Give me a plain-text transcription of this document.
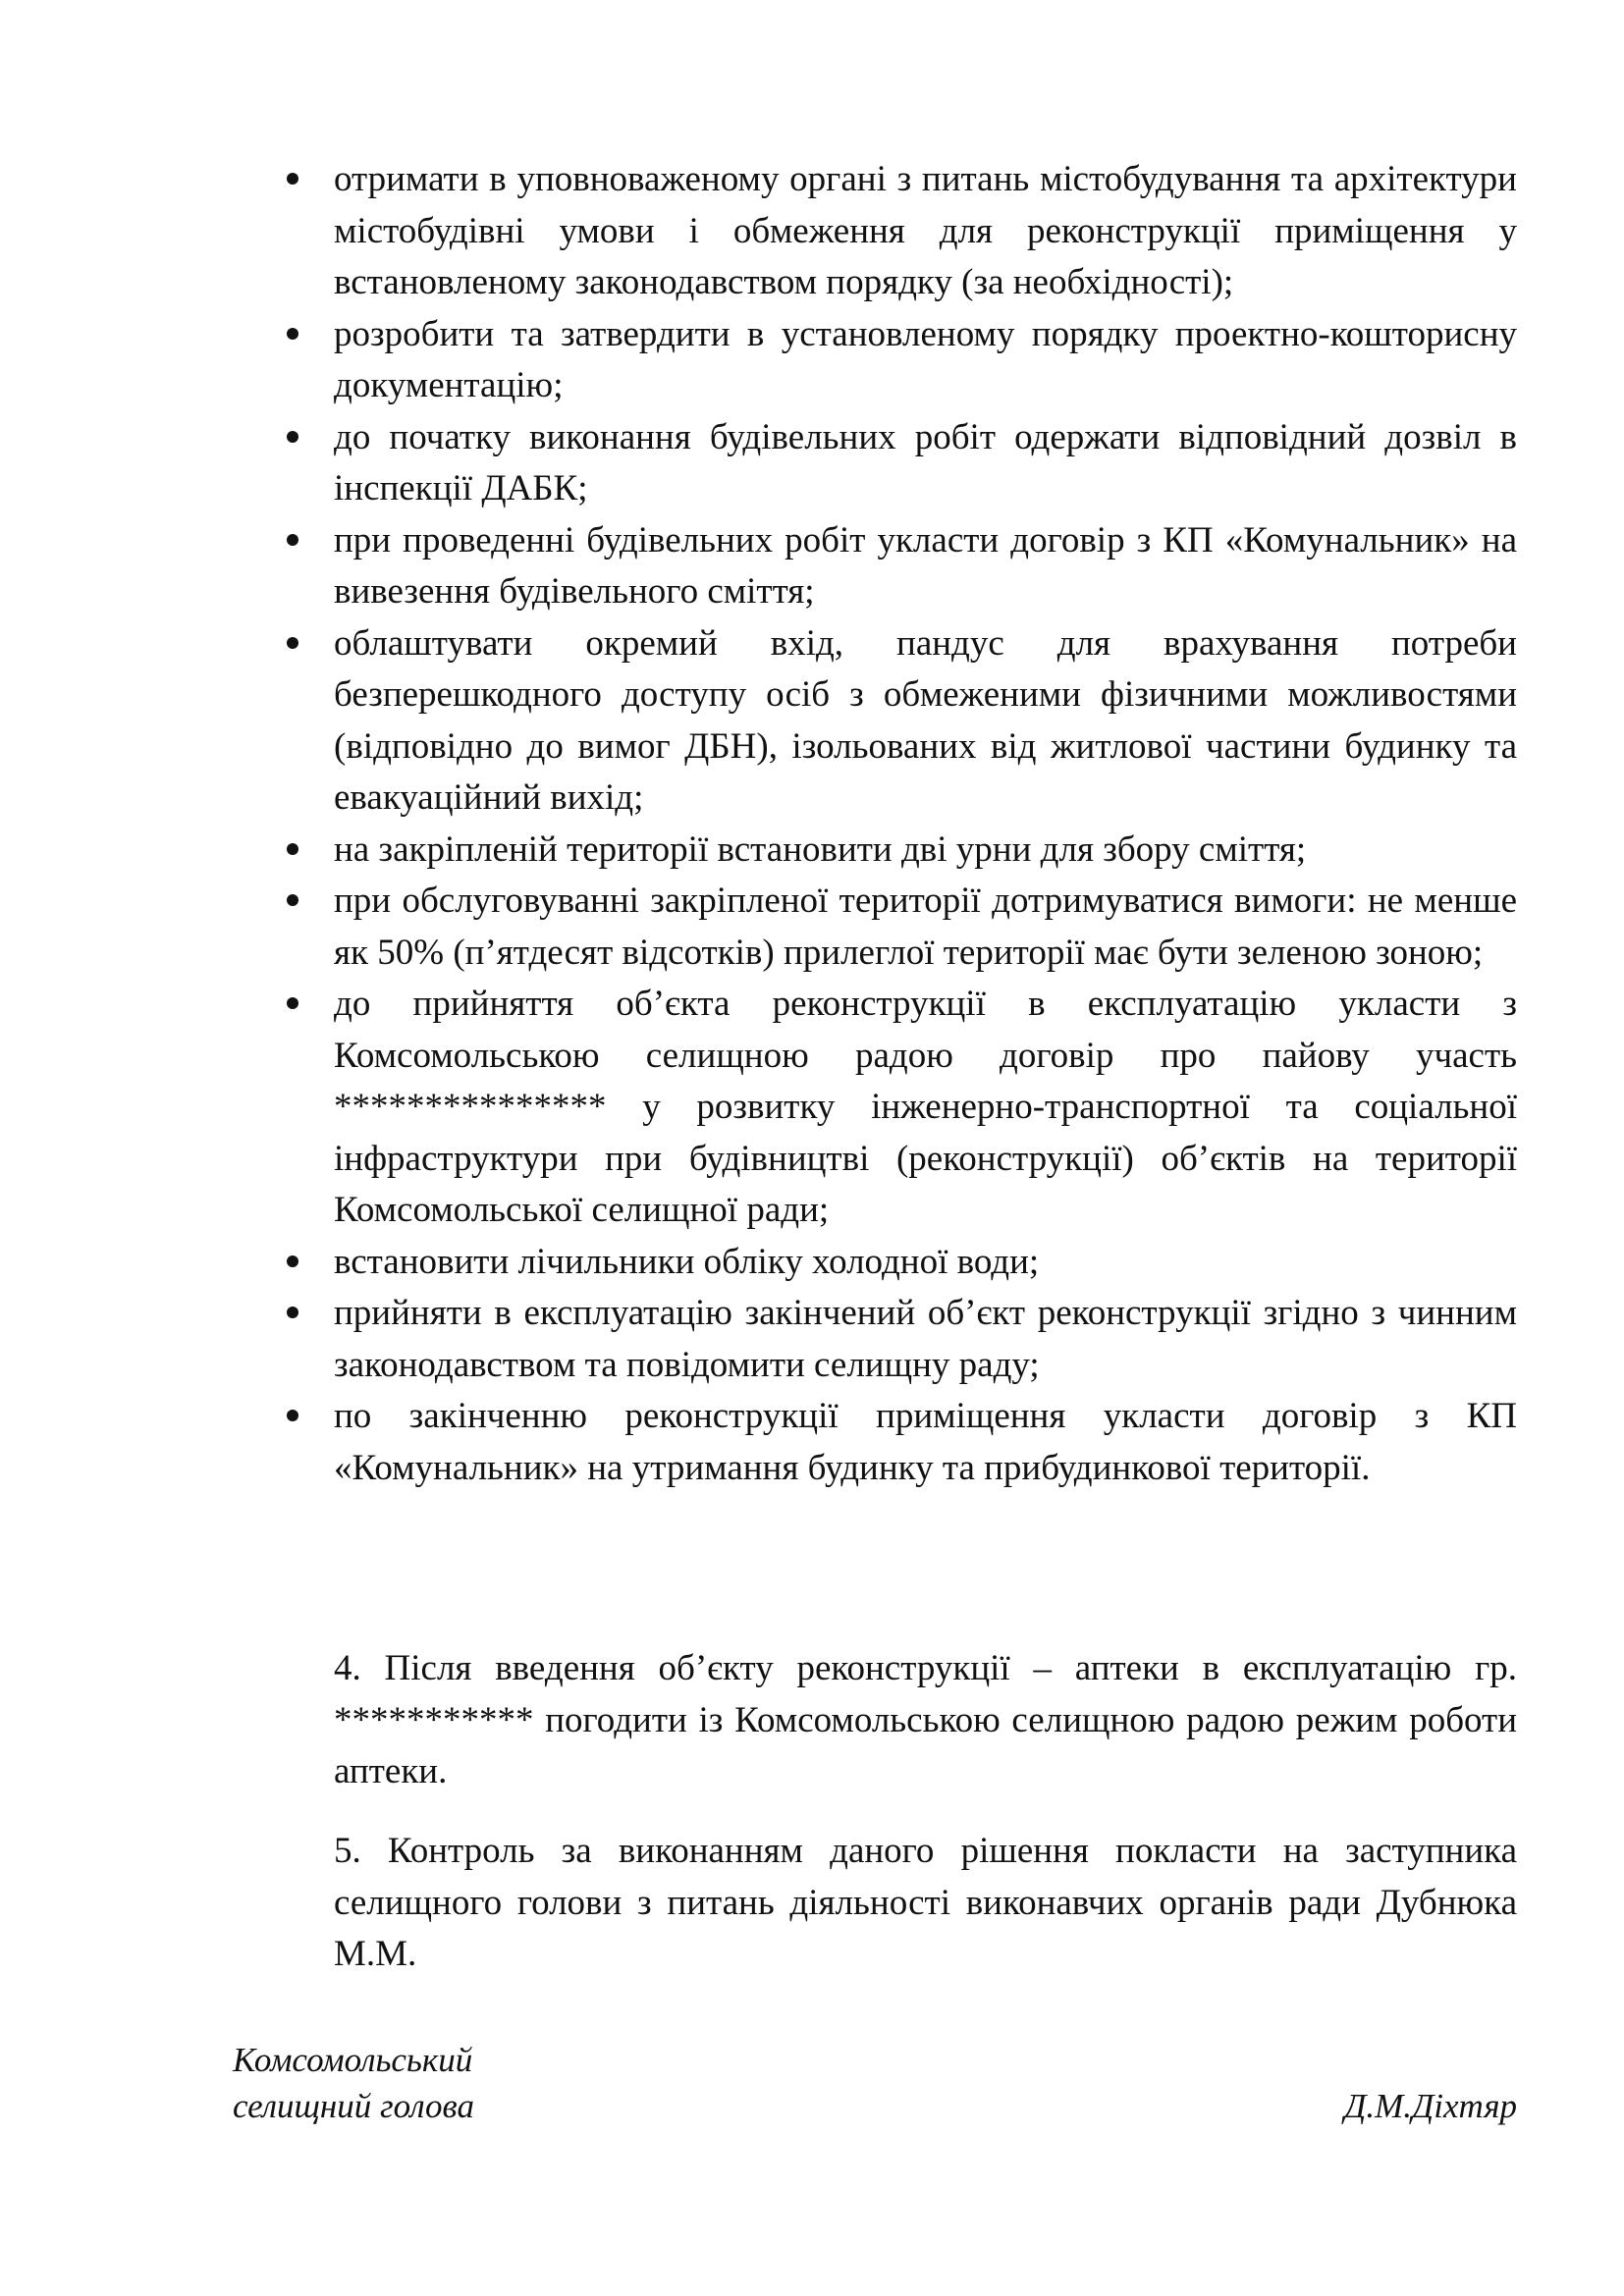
отримати в уповноваженому органі з питань містобудування та архітектури містобудівні умови і обмеження для реконструкції приміщення у встановленому законодавством порядку (за необхідності);
розробити та затвердити в установленому порядку проектно-кошторисну документацію;
до початку виконання будівельних робіт одержати відповідний дозвіл в інспекції ДАБК;
при проведенні будівельних робіт укласти договір з КП «Комунальник» на вивезення будівельного сміття;
облаштувати окремий вхід, пандус для врахування потреби безперешкодного доступу осіб з обмеженими фізичними можливостями (відповідно до вимог ДБН), ізольованих від житлової частини будинку та евакуаційний вихід;
на закріпленій території встановити дві урни для збору сміття;
при обслуговуванні закріпленої території дотримуватися вимоги: не менше як 50% (п’ятдесят відсотків) прилеглої території має бути зеленою зоною;
до прийняття об’єкта реконструкції в експлуатацію укласти з Комсомольською селищною радою договір про пайову участь *************** у розвитку інженерно-транспортної та соціальної інфраструктури при будівництві (реконструкції) об’єктів на території Комсомольської селищної ради;
встановити лічильники обліку холодної води;
прийняти в експлуатацію закінчений об’єкт реконструкції згідно з чинним законодавством та повідомити селищну раду;
по закінченню реконструкції приміщення укласти договір з КП «Комунальник» на утримання будинку та прибудинкової території.

4. Після введення об’єкту реконструкції – аптеки в експлуатацію гр. *********** погодити із Комсомольською селищною радою режим роботи аптеки.

5. Контроль за виконанням даного рішення покласти на заступника селищного голови з питань діяльності виконавчих органів ради Дубнюка М.М.

Комсомольський
селищний голова	Д.М.Діхтяр
